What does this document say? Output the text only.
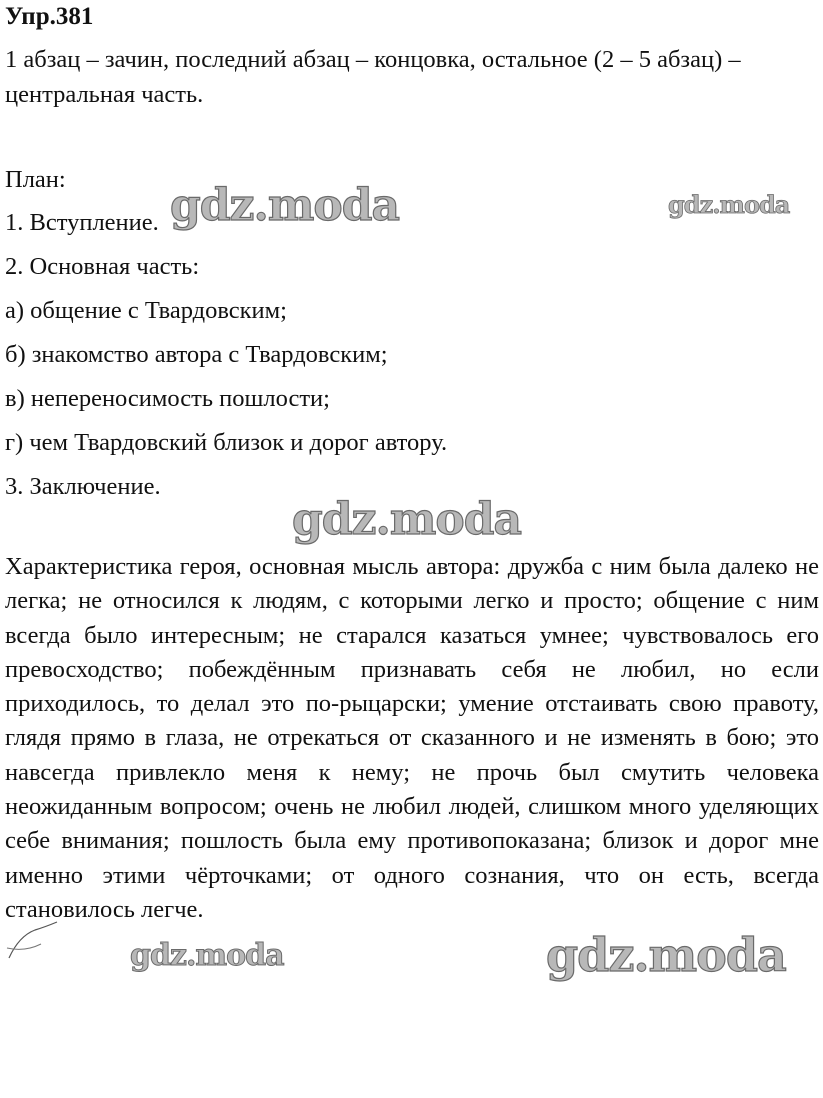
Упр.381

1 абзац – зачин, последний абзац – концовка, остальное (2 – 5 абзац) – центральная часть.

План:
1. Вступление.
2. Основная часть:
а) общение с Твардовским;
б) знакомство автора с Твардовским;
в) непереносимость пошлости;
г) чем Твардовский близок и дорог автору.
3. Заключение.

Характеристика героя, основная мысль автора: дружба с ним была далеко не легка; не относился к людям, с которыми легко и просто; общение с ним всегда было интересным; не старался казаться умнее; чувствовалось его превосходство; побеждённым признавать себя не любил, но если приходилось, то делал это по-рыцарски; умение отстаивать свою правоту, глядя прямо в глаза, не отрекаться от сказанного и не изменять в бою; это навсегда привлекло меня к нему; не прочь был смутить человека неожиданным вопросом; очень не любил людей, слишком много уделяющих себе внимания; пошлость была ему противопоказана; близок и дорог мне именно этими чёрточками; от одного сознания, что он есть, всегда становилось легче.

gdz.moda	gdz.moda
gdz.moda
gdz.moda	gdz.moda
